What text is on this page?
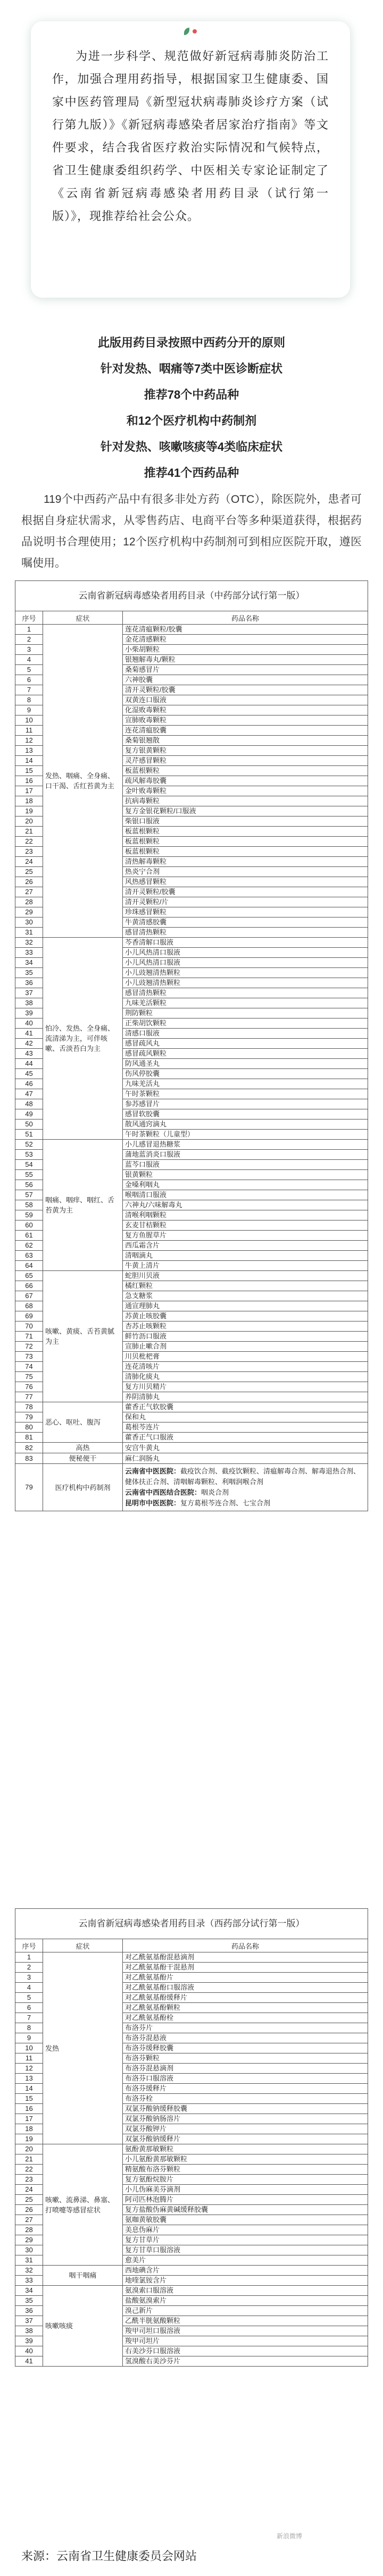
为进一步科学、规范做好新冠病毒肺炎防治工作，加强合理用药指导，根据国家卫生健康委、国家中医药管理局《新型冠状病毒肺炎诊疗方案（试行第九版）》《新冠病毒感染者居家治疗指南》等文件要求，结合我省医疗救治实际情况和气候特点，省卫生健康委组织药学、中医相关专家论证制定了《云南省新冠病毒感染者用药目录（试行第一版）》，现推荐给社会公众。

此版用药目录按照中西药分开的原则
针对发热、咽痛等7类中医诊断症状
推荐78个中药品种
和12个医疗机构中药制剂
针对发热、咳嗽咳痰等4类临床症状
推荐41个西药品种

119个中西药产品中有很多非处方药（OTC），除医院外，患者可根据自身症状需求，从零售药店、电商平台等多种渠道获得，根据药品说明书合理使用；12个医疗机构中药制剂可到相应医院开取，遵医嘱使用。

云南省新冠病毒感染者用药目录（中药部分试行第一版）
序号	症状	药品名称
1	发热、咽痛、全身痛、口干渴、舌红苔黄为主	莲花清瘟颗粒/胶囊
2		金花清感颗粒
3		小柴胡颗粒
4		银翘解毒丸/颗粒
5		桑菊感冒片
6		六神胶囊
7		清开灵颗粒/胶囊
8		双黄连口服液
9		化湿败毒颗粒
10		宣肺败毒颗粒
11		连花清瘟胶囊
12		桑菊银翘散
13		复方银黄颗粒
14		灵芹感冒颗粒
15		板蓝根颗粒
16		疏风解毒胶囊
17		金叶败毒颗粒
18		抗病毒颗粒
19		复方金银花颗粒/口服液
20		柴银口服液
21		板蓝根颗粒
22		板蓝根颗粒
23		板蓝根颗粒
24		清热解毒颗粒
25		热炎宁合剂
26		风热感冒颗粒
27		清开灵颗粒/胶囊
28		清开灵颗粒/片
29		珍珠感冒颗粒
30		牛黄清感胶囊
31		感冒清热颗粒
32	怕冷、发热、全身痛、流清涕为主，可伴咳嗽、舌淡苔白为主	芩香清解口服液
33		小儿风热清口服液
34		小儿风热清口服液
35		小儿豉翘清热颗粒
36		小儿豉翘清热颗粒
37		感冒清热颗粒
38		九味羌活颗粒
39		荆防颗粒
40		正柴胡饮颗粒
41		清感口服液
42		感冒疏风丸
43		感冒疏风颗粒
44		防风通圣丸
45		伤风停胶囊
46		九味羌活丸
47		午时茶颗粒
48		参苏感冒片
49		感冒软胶囊
50		散风通窍滴丸
51		午时茶颗粒（儿童型）
52	咽痛、咽痒、咽红、舌苔黄为主	小儿感冒退热糖浆
53		蒲地蓝消炎口服液
54		蓝芩口服液
55		银黄颗粒
56		金嗓利咽丸
57		喉咽清口服液
58		六神丸/六味解毒丸
59		清喉利咽颗粒
60		玄麦甘桔颗粒
61		复方鱼腥草片
62		西瓜霜含片
63		清咽滴丸
64		牛黄上清片
65	咳嗽、黄痰、舌苔黄腻为主	蛇胆川贝液
66		橘红颗粒
67		急支糖浆
68		通宣理肺丸
69		苏黄止咳胶囊
70		杏苏止咳颗粒
71		鲜竹沥口服液
72		宣肺止嗽合剂
73		川贝枇杷膏
74		连花清咳片
75		清肺化痰丸
76		复方川贝精片
77		养阴清肺丸
78	恶心、呕吐、腹泻	藿香正气软胶囊
79		保和丸
80		葛根芩连片
81		藿香正气口服液
82	高热	安宫牛黄丸
83	便秘便干	麻仁润肠丸
79	医疗机构中药制剂	云南省中医医院：截疫饮合剂、截疫饮颗粒、清瘟解毒合剂、解毒退热合剂、健体扶正合剂、清咽解毒颗粒、利咽润喉合剂
云南省中西医结合医院：咽炎合剂
昆明市中医医院：复方葛根芩连合剂、七宝合剂
云南省新冠病毒感染者用药目录（西药部分试行第一版）
序号	症状	药品名称
1	发热	对乙酰氨基酚混悬滴剂
2		对乙酰氨基酚干混悬剂
3		对乙酰氨基酚片
4		对乙酰氨基酚口服溶液
5		对乙酰氨基酚缓释片
6		对乙酰氨基酚颗粒
7		对乙酰氨基酚栓
8		布洛芬片
9		布洛芬混悬液
10		布洛芬缓释胶囊
11		布洛芬颗粒
12		布洛芬混悬滴剂
13		布洛芬口服溶液
14		布洛芬缓释片
15		布洛芬栓
16		双氯芬酸钠缓释胶囊
17		双氯芬酸钠肠溶片
18		双氯芬酸钾片
19		双氯芬酸钠缓释片
20	咳嗽、流鼻涕、鼻塞、打喷嚏等感冒症状	氨酚黄那敏颗粒
21		小儿氨酚黄那敏颗粒
22		精氨酸布洛芬颗粒
23		复方氨酚烷胺片
24		小儿伪麻美芬滴剂
25		阿司匹林泡腾片
26		复方盐酸伪麻黄碱缓释胶囊
27		氨咖黄敏胶囊
28		美息伪麻片
29		复方甘草片
30		复方甘草口服溶液
31		愈美片
32	咽干咽痛	西地碘含片
33		地喹氯铵含片
34	咳嗽咳痰	氨溴索口服溶液
35		盐酸氨溴索片
36		溴己新片
37		乙酰半胱氨酸颗粒
38		羧甲司坦口服溶液
39		羧甲司坦片
40		右美沙芬口服溶液
41		氢溴酸右美沙芬片
新浪微博
来源：云南省卫生健康委员会网站
